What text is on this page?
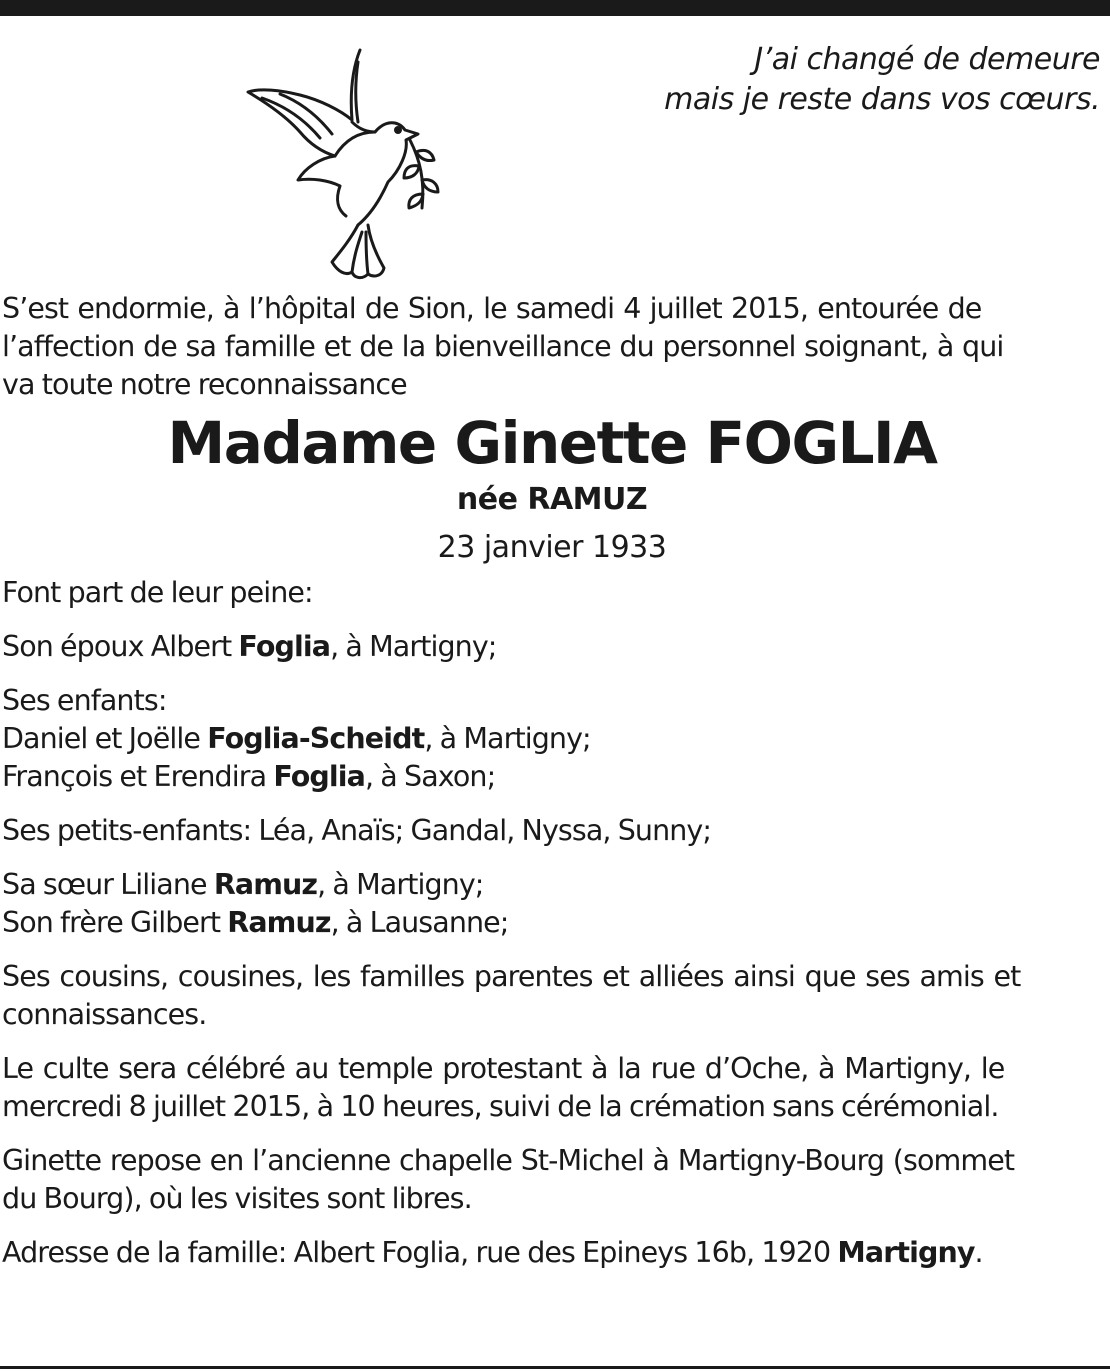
J’ai changé de demeure
mais je reste dans vos cœurs.
S’est endormie, à l’hôpital de Sion, le samedi 4 juillet 2015, entourée de
l’affection de sa famille et de la bienveillance du personnel soignant, à qui
va toute notre reconnaissance
Madame Ginette FOGLIA
née RAMUZ
23 janvier 1933
Font part de leur peine:
Son époux Albert Foglia, à Martigny;
Ses enfants:
Daniel et Joëlle Foglia-Scheidt, à Martigny;
François et Erendira Foglia, à Saxon;
Ses petits-enfants: Léa, Anaïs; Gandal, Nyssa, Sunny;
Sa sœur Liliane Ramuz, à Martigny;
Son frère Gilbert Ramuz, à Lausanne;
Ses cousins, cousines, les familles parentes et alliées ainsi que ses amis et
connaissances.
Le culte sera célébré au temple protestant à la rue d’Oche, à Martigny, le
mercredi 8 juillet 2015, à 10 heures, suivi de la crémation sans cérémonial.
Ginette repose en l’ancienne chapelle St-Michel à Martigny-Bourg (sommet
du Bourg), où les visites sont libres.
Adresse de la famille: Albert Foglia, rue des Epineys 16b, 1920 Martigny.
